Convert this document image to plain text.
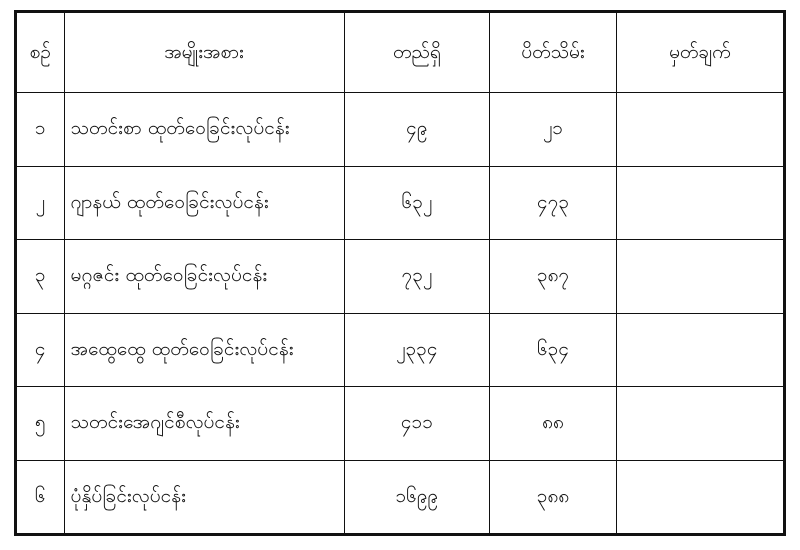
စဉ်	အမျိုးအစား	တည်ရှိ	ပိတ်သိမ်း	မှတ်ချက်
၁	သတင်းစာ ထုတ်ဝေခြင်းလုပ်ငန်း	၄၉	၂၁	
၂	ဂျာနယ် ထုတ်ဝေခြင်းလုပ်ငန်း	၆၃၂	၄၇၃	
၃	မဂ္ဂဇင်း ထုတ်ဝေခြင်းလုပ်ငန်း	၇၃၂	၃၈၇	
၄	အထွေထွေ ထုတ်ဝေခြင်းလုပ်ငန်း	၂၃၃၄	၆၃၄	
၅	သတင်းအေဂျင်စီလုပ်ငန်း	၄၁၁	၈၈	
၆	ပုံနှိပ်ခြင်းလုပ်ငန်း	၁၆၉၉	၃၈၈	
